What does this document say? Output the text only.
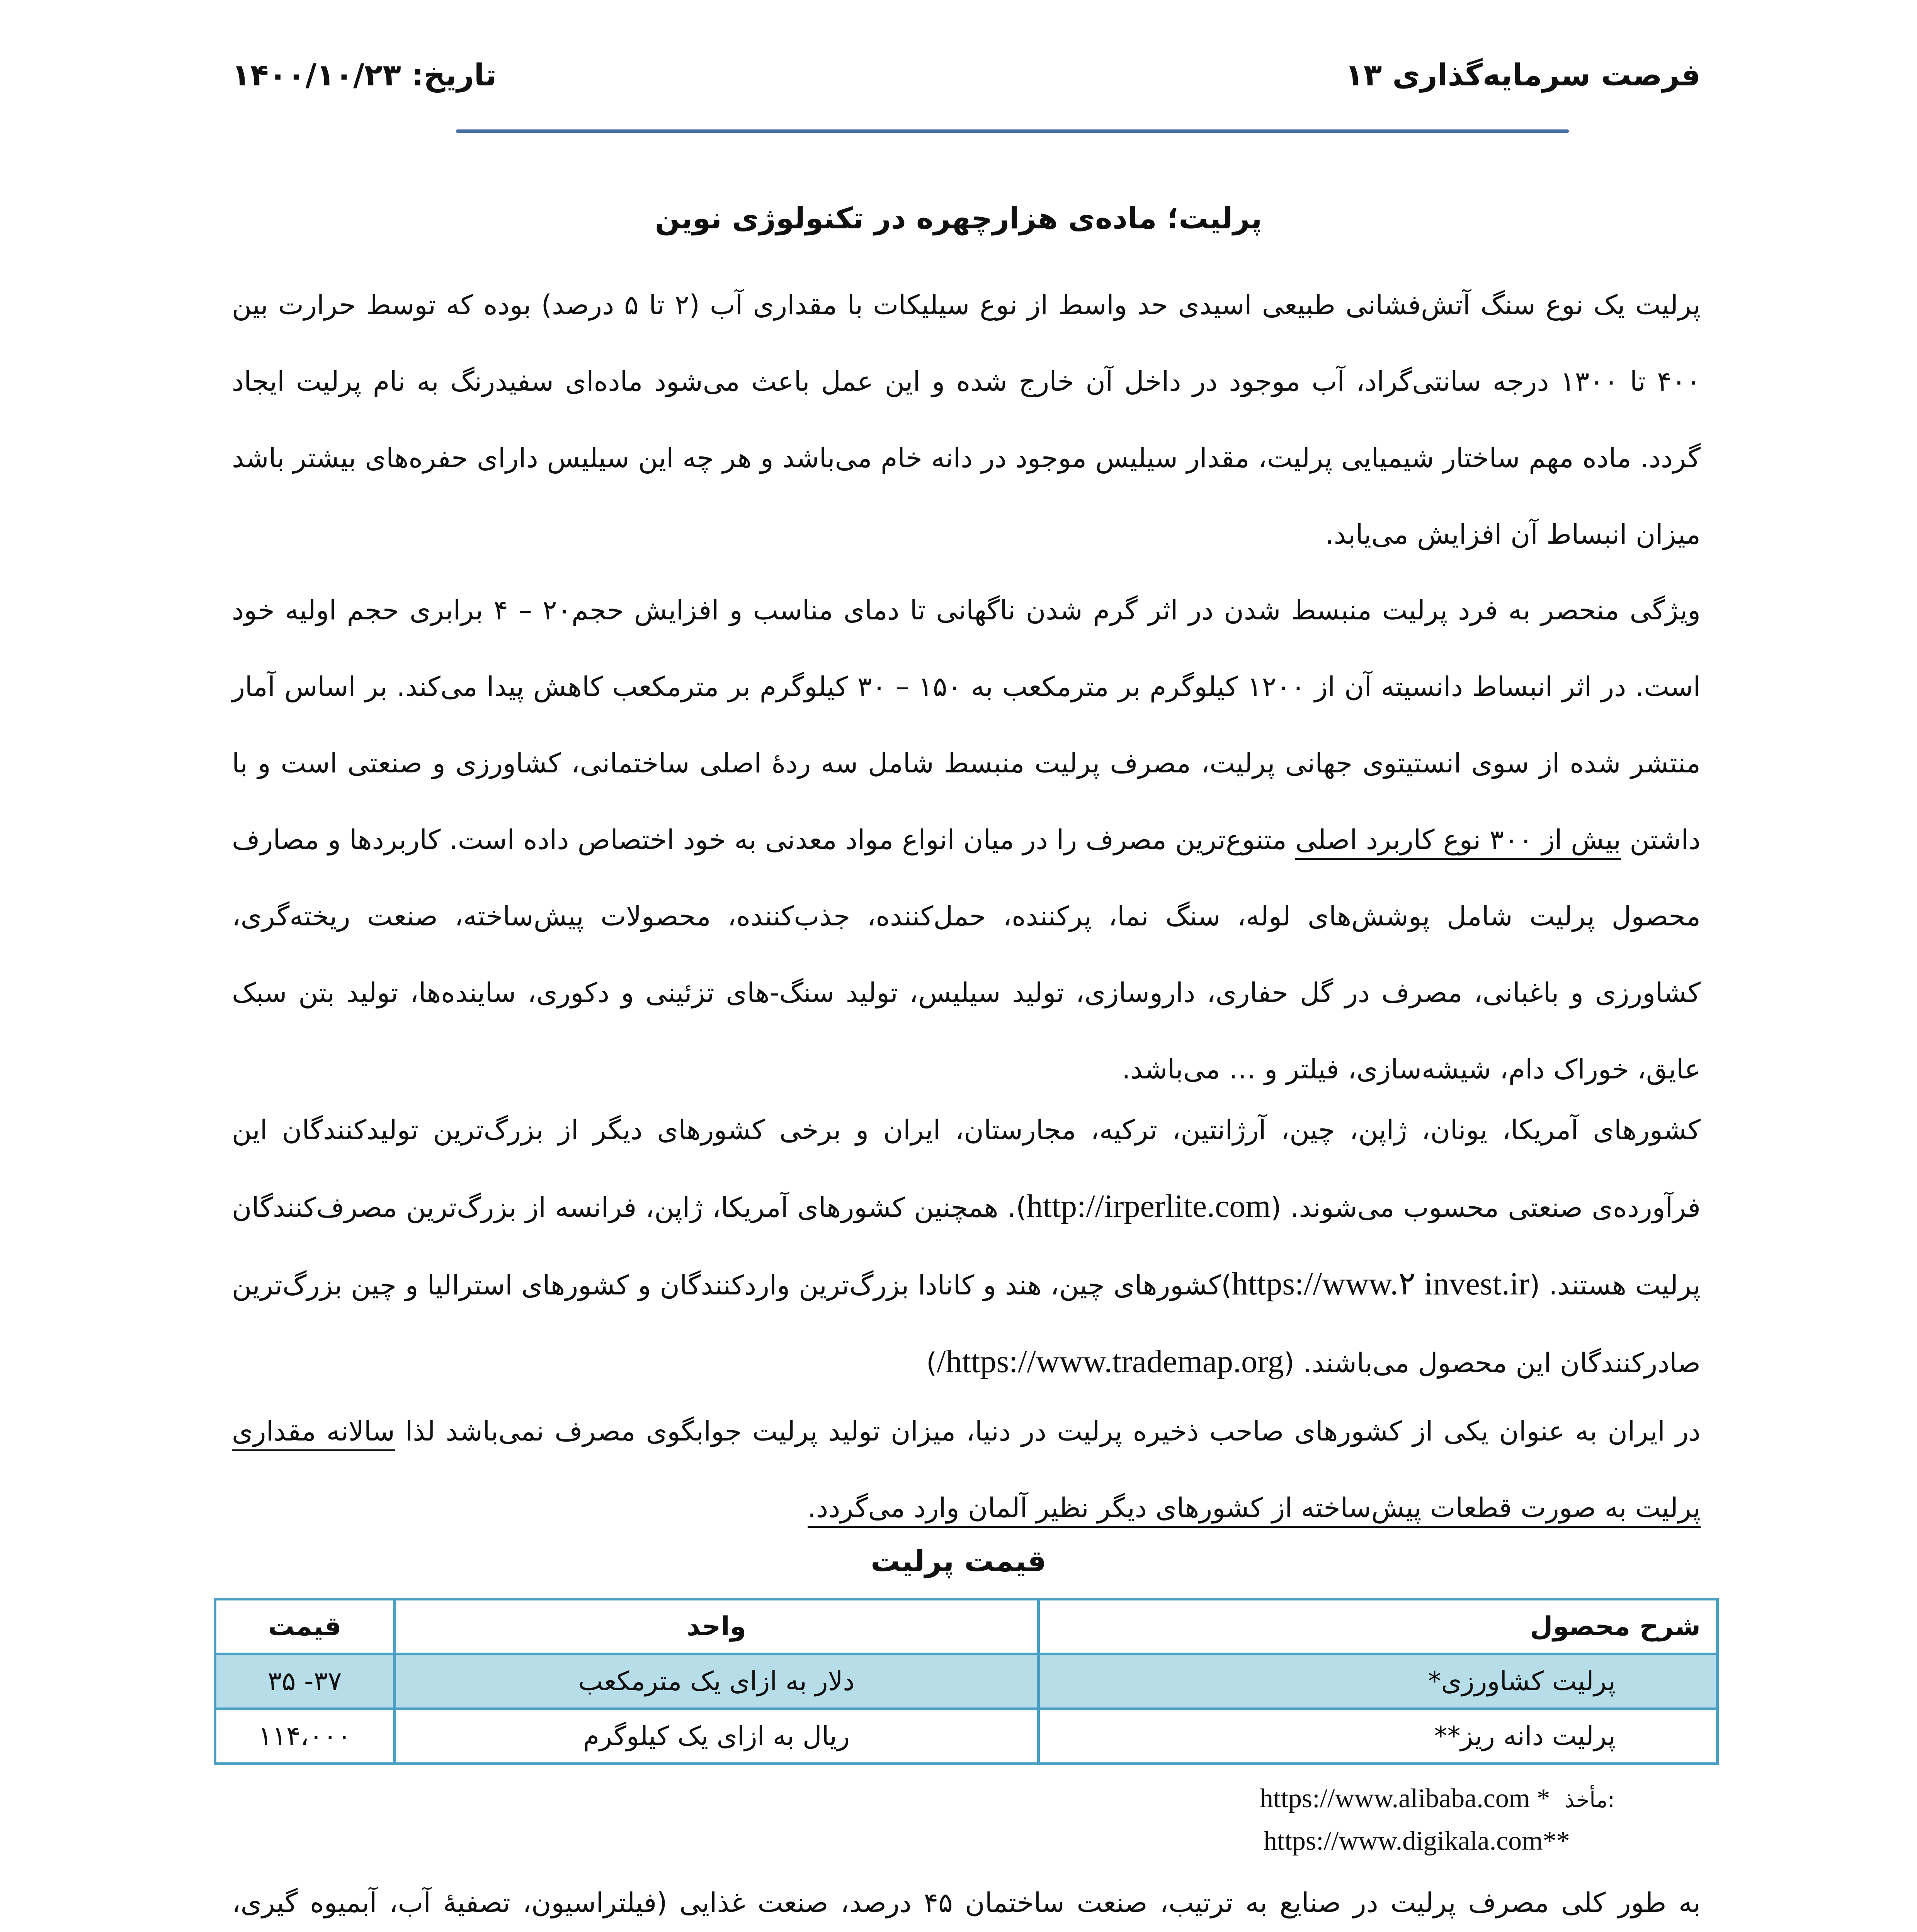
فرصت سرمایه‌گذاری ۱۳
تاریخ: ۱۴۰۰/۱۰/۲۳
پرلیت؛ ماده‌ی هزارچهره در تکنولوژی نوین

پرلیت یک نوع سنگ آتش‌فشانی طبیعی اسیدی حد واسط از نوع سیلیکات با مقداری آب (۲ تا ۵ درصد) بوده که توسط حرارت بین ۴۰۰ تا ۱۳۰۰ درجه سانتی‌گراد، آب موجود در داخل آن خارج شده و این عمل باعث می‌شود ماده‌ای سفیدرنگ به نام پرلیت ایجاد گردد. ماده مهم ساختار شیمیایی پرلیت، مقدار سیلیس موجود در دانه خام می‌باشد و هر چه این سیلیس دارای حفره‌های بیشتر باشد میزان انبساط آن افزایش می‌یابد.

ویژگی منحصر به فرد پرلیت منبسط شدن در اثر گرم شدن ناگهانی تا دمای مناسب و افزایش حجم۲۰ – ۴ برابری حجم اولیه خود است. در اثر انبساط دانسیته آن از ۱۲۰۰ کیلوگرم بر مترمکعب به ۱۵۰ – ۳۰ کیلوگرم بر مترمکعب کاهش پیدا می‌کند. بر اساس آمار منتشر شده از سوی انستیتوی جهانی پرلیت، مصرف پرلیت منبسط شامل سه ردهٔ اصلی ساختمانی، کشاورزی و صنعتی است و با داشتن بیش از ۳۰۰ نوع کاربرد اصلی متنوع‌ترین مصرف را در میان انواع مواد معدنی به خود اختصاص داده است. کاربردها و مصارف محصول پرلیت شامل پوشش‌های لوله، سنگ نما، پرکننده، حمل‌کننده، جذب‌کننده، محصولات پیش‌ساخته، صنعت ریخته‌گری، کشاورزی و باغبانی، مصرف در گل حفاری، داروسازی، تولید سیلیس، تولید سنگ‌-های تزئینی و دکوری، ساینده‌ها، تولید بتن سبک عایق، خوراک دام، شیشه‌سازی، فیلتر و … می‌باشد.

کشورهای آمریکا، یونان، ژاپن، چین، آرژانتین، ترکیه، مجارستان، ایران و برخی کشورهای دیگر از بزرگ‌ترین تولیدکنندگان این فرآورده‌ی صنعتی محسوب می‌شوند. (http://irperlite.com). همچنین کشورهای آمریکا، ژاپن، فرانسه از بزرگ‌ترین مصرف‌کنندگان پرلیت هستند. (https://www.۲ invest.ir)کشورهای چین، هند و کانادا بزرگ‌ترین واردکنندگان و کشورهای استرالیا و چین بزرگ‌ترین صادرکنندگان این محصول می‌باشند. (https://www.trademap.org/)

در ایران به عنوان یکی از کشورهای صاحب ذخیره پرلیت در دنیا، میزان تولید پرلیت جوابگوی مصرف نمی‌باشد لذا سالانه مقداری پرلیت به صورت قطعات پیش‌ساخته از کشورهای دیگر نظیر آلمان وارد می‌گردد.

قیمت پرلیت
شرح محصول	واحد	قیمت
پرلیت کشاورزی*	دلار به ازای یک مترمکعب	۳۷- ۳۵
پرلیت دانه ریز**	ریال به ازای یک کیلوگرم	۱۱۴،۰۰۰
https://www.alibaba.com * مأخذ:
https://www.digikala.com**

به طور کلی مصرف پرلیت در صنایع به ترتیب، صنعت ساختمان ۴۵ درصد، صنعت غذایی (فیلتراسیون، تصفیهٔ آب، آبمیوه گیری،
